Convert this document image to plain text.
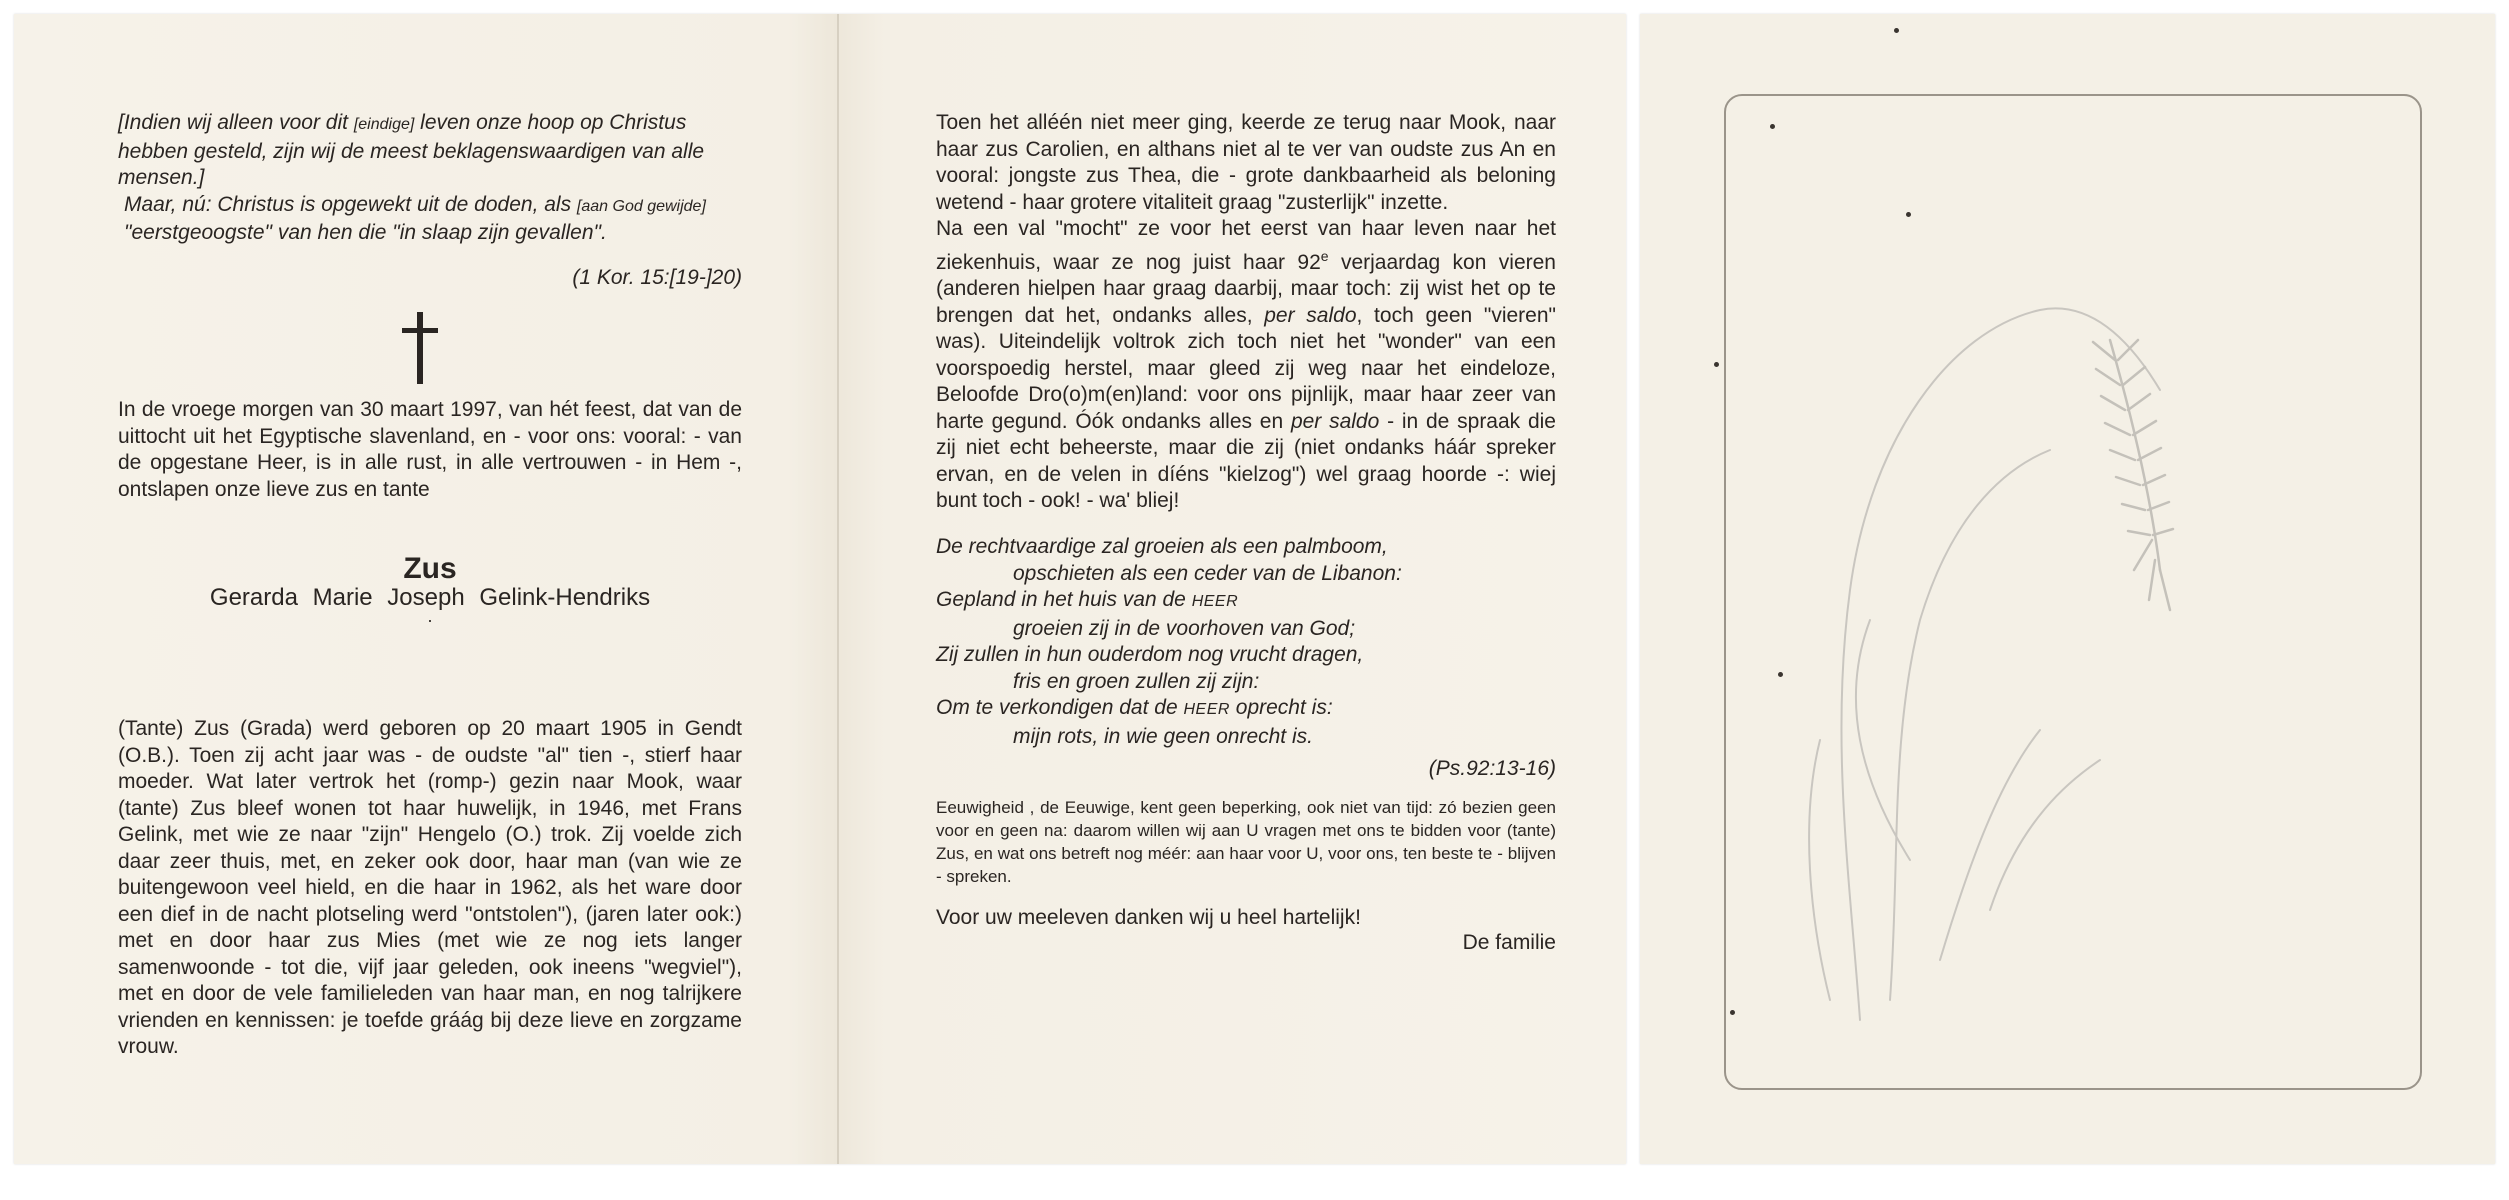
[Indien wij alleen voor dit [eindige] leven onze hoop op Christus hebben gesteld, zijn wij de meest beklagenswaardigen van alle mensen.]

Maar, nú: Christus is opgewekt uit de doden, als [aan God gewijde] "eerstgeoogste" van hen die "in slaap zijn gevallen".

(1 Kor. 15:[19-]20)

In de vroege morgen van 30 maart 1997, van hét feest, dat van de uittocht uit het Egyptische slavenland, en - voor ons: vooral: - van de opgestane Heer, is in alle rust, in alle vertrouwen - in Hem -, ontslapen onze lieve zus en tante

Zus

Gerarda Marie Joseph Gelink-Hendriks

·

(Tante) Zus (Grada) werd geboren op 20 maart 1905 in Gendt (O.B.). Toen zij acht jaar was - de oudste "al" tien -, stierf haar moeder. Wat later vertrok het (romp-) gezin naar Mook, waar (tante) Zus bleef wonen tot haar huwelijk, in 1946, met Frans Gelink, met wie ze naar "zijn" Hengelo (O.) trok. Zij voelde zich daar zeer thuis, met, en zeker ook door, haar man (van wie ze buitengewoon veel hield, en die haar in 1962, als het ware door een dief in de nacht plotseling werd "ontstolen"), (jaren later ook:) met en door haar zus Mies (met wie ze nog iets langer samenwoonde - tot die, vijf jaar geleden, ook ineens "wegviel"), met en door de vele familieleden van haar man, en nog talrijkere vrienden en kennissen: je toefde gráág bij deze lieve en zorgzame vrouw.

Toen het alléén niet meer ging, keerde ze terug naar Mook, naar haar zus Carolien, en althans niet al te ver van oudste zus An en vooral: jongste zus Thea, die - grote dankbaarheid als beloning wetend - haar grotere vitaliteit graag "zusterlijk" inzette.

Na een val "mocht" ze voor het eerst van haar leven naar het ziekenhuis, waar ze nog juist haar 92e verjaardag kon vieren (anderen hielpen haar graag daarbij, maar toch: zij wist het op te brengen dat het, ondanks alles, per saldo, toch geen "vieren" was). Uiteindelijk voltrok zich toch niet het "wonder" van een voorspoedig herstel, maar gleed zij weg naar het eindeloze, Beloofde Dro(o)m(en)land: voor ons pijnlijk, maar haar zeer van harte gegund. Óók ondanks alles en per saldo - in de spraak die zij niet echt beheerste, maar die zij (niet ondanks háár spreker ervan, en de velen in díéns "kielzog") wel graag hoorde -: wiej bunt toch - ook! - wa' bliej!

De rechtvaardige zal groeien als een palmboom,

opschieten als een ceder van de Libanon:

Gepland in het huis van de HEER

groeien zij in de voorhoven van God;

Zij zullen in hun ouderdom nog vrucht dragen,

fris en groen zullen zij zijn:

Om te verkondigen dat de HEER oprecht is:

mijn rots, in wie geen onrecht is.

(Ps.92:13-16)

Eeuwigheid , de Eeuwige, kent geen beperking, ook niet van tijd: zó bezien geen voor en geen na: daarom willen wij aan U vragen met ons te bidden voor (tante) Zus, en wat ons betreft nog méér: aan haar voor U, voor ons, ten beste te - blijven - spreken.
Voor uw meeleven danken wij u heel hartelijk!
De familie
